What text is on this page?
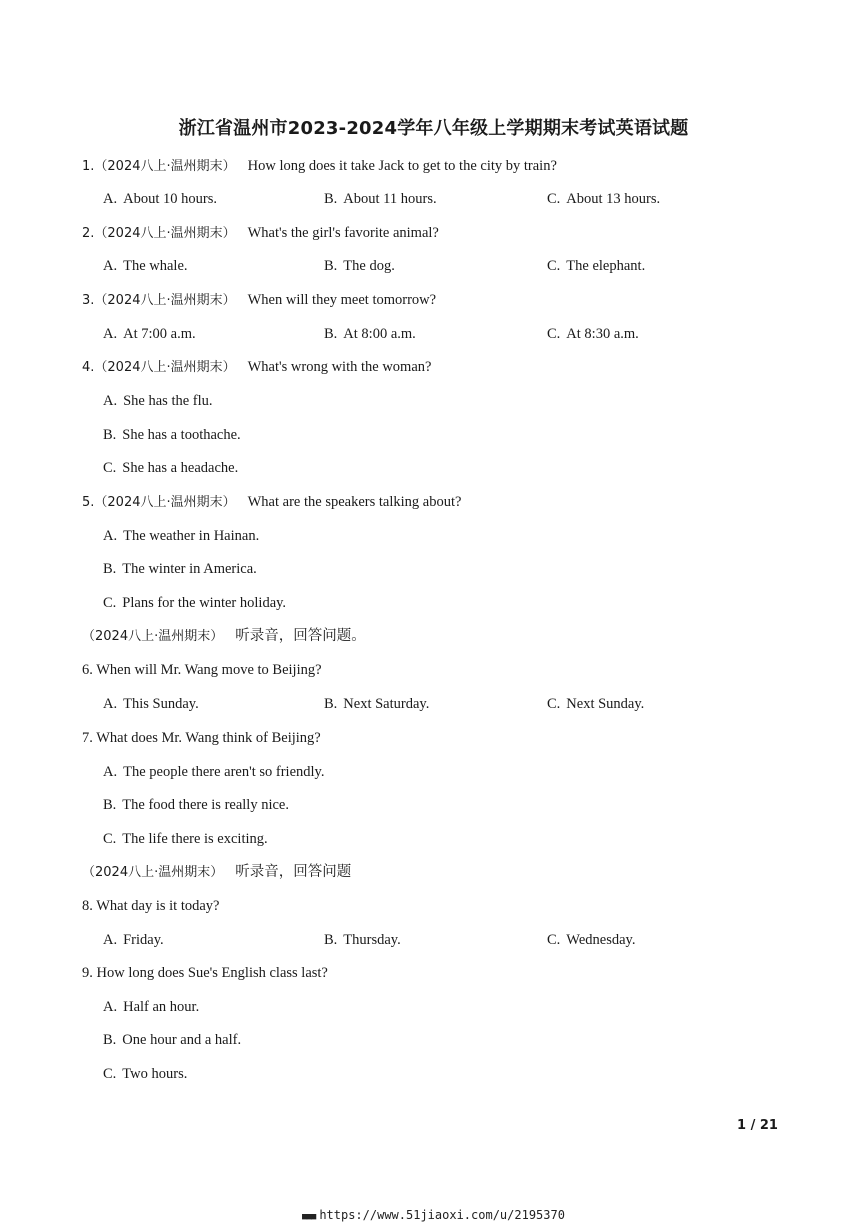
浙江省温州市2023-2024学年八年级上学期期末考试英语试题
1.（2024八上·温州期末） How long does it take Jack to get to the city by train?
A. About 10 hours.	B. About 11 hours.	C. About 13 hours.
2.（2024八上·温州期末） What's the girl's favorite animal?
A. The whale.	B. The dog.	C. The elephant.
3.（2024八上·温州期末） When will they meet tomorrow?
A. At 7:00 a.m.	B. At 8:00 a.m.	C. At 8:30 a.m.
4.（2024八上·温州期末） What's wrong with the woman?
A. She has the flu.
B. She has a toothache.
C. She has a headache.
5.（2024八上·温州期末） What are the speakers talking about?
A. The weather in Hainan.
B. The winter in America.
C. Plans for the winter holiday.
（2024八上·温州期末） 听录音，回答问题。
6. When will Mr. Wang move to Beijing?
A. This Sunday.	B. Next Saturday.	C. Next Sunday.
7. What does Mr. Wang think of Beijing?
A. The people there aren't so friendly.
B. The food there is really nice.
C. The life there is exciting.
（2024八上·温州期末） 听录音，回答问题
8. What day is it today?
A. Friday.	B. Thursday.	C. Wednesday.
9. How long does Sue's English class last?
A. Half an hour.
B. One hour and a half.
C. Two hours.
1 / 21
■■■ https://www.51jiaoxi.com/u/2195370
